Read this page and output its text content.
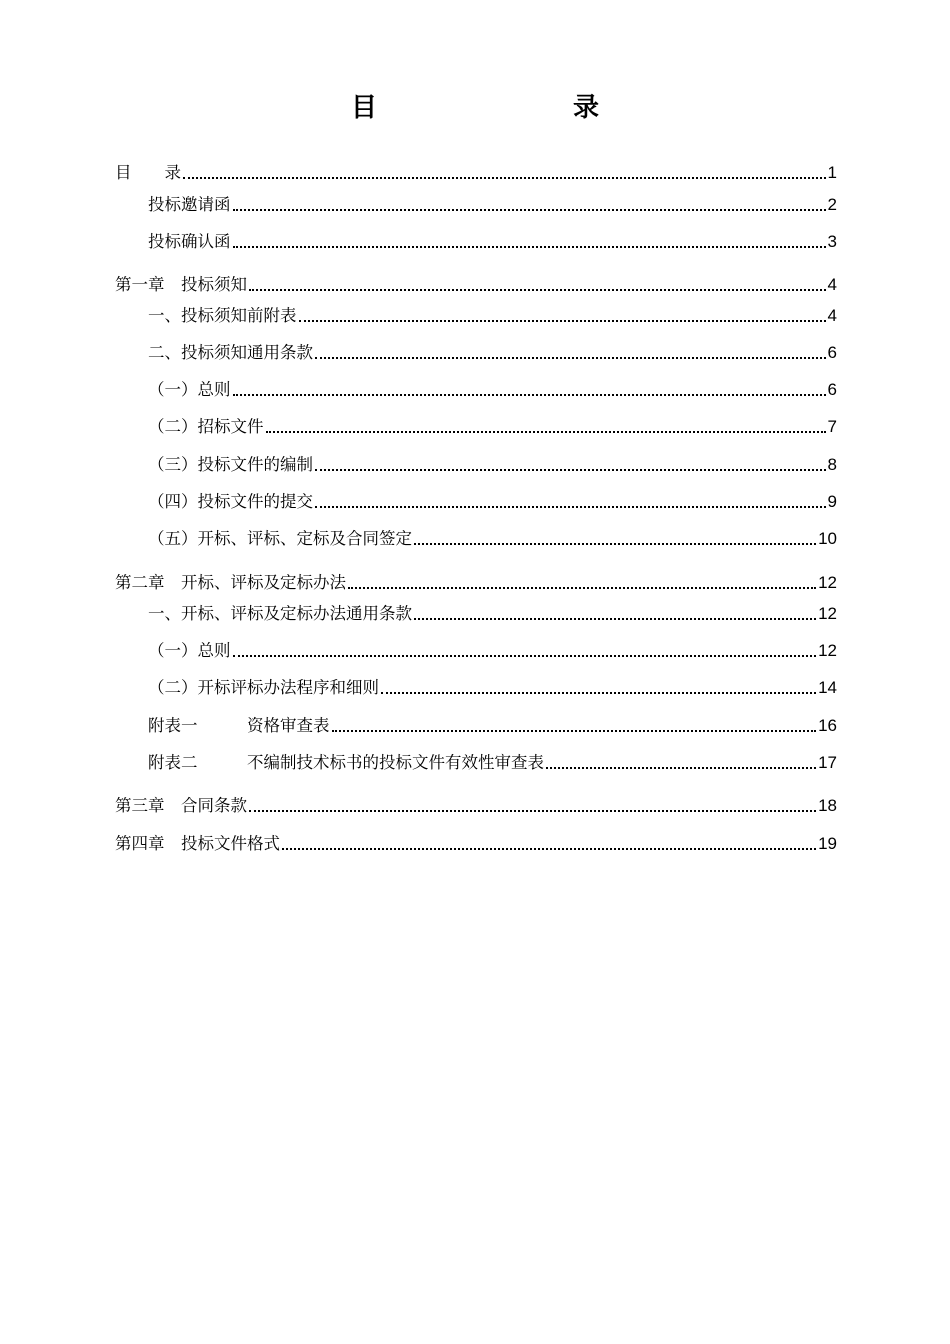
目　　录
目　　录	1
投标邀请函	2
投标确认函	3
第一章　投标须知	4
一、投标须知前附表	4
二、投标须知通用条款	6
（一）总则	6
（二）招标文件	7
（三）投标文件的编制	8
（四）投标文件的提交	9
（五）开标、评标、定标及合同签定	10
第二章　开标、评标及定标办法	12
一、开标、评标及定标办法通用条款	12
（一）总则	12
（二）开标评标办法程序和细则	14
附表一　　　资格审查表	16
附表二　　　不编制技术标书的投标文件有效性审查表	17
第三章　合同条款	18
第四章　投标文件格式	19
